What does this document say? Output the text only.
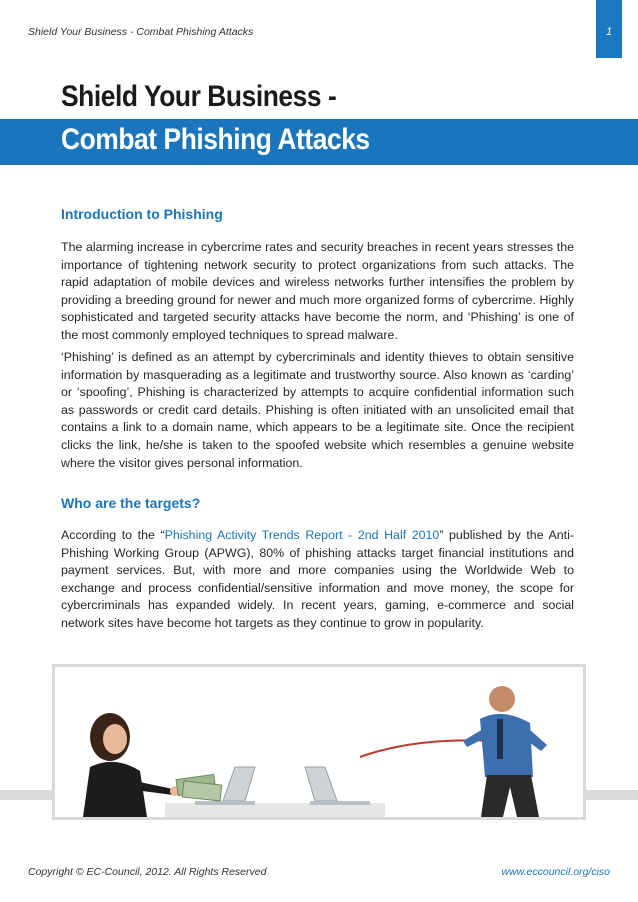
Shield Your Business - Combat Phishing Attacks	1
Shield Your Business -
Combat Phishing Attacks
Introduction to Phishing

The alarming increase in cybercrime rates and security breaches in recent years stresses the importance of tightening network security to protect organizations from such attacks. The rapid adaptation of mobile devices and wireless networks further intensifies the problem by providing a breeding ground for newer and much more organized forms of cybercrime. Highly sophisticated and targeted security attacks have become the norm, and ‘Phishing’ is one of the most commonly employed techniques to spread malware.

‘Phishing’ is defined as an attempt by cybercriminals and identity thieves to obtain sensitive information by masquerading as a legitimate and trustworthy source. Also known as ‘carding’ or ‘spoofing’, Phishing is characterized by attempts to acquire confidential information such as passwords or credit card details. Phishing is often initiated with an unsolicited email that contains a link to a domain name, which appears to be a legitimate site. Once the recipient clicks the link, he/she is taken to the spoofed website which resembles a genuine website where the visitor gives personal information.

Who are the targets?

According to the “Phishing Activity Trends Report - 2nd Half 2010” published by the Anti-Phishing Working Group (APWG), 80% of phishing attacks target financial institutions and payment services. But, with more and more companies using the Worldwide Web to exchange and process confidential/sensitive information and move money, the scope for cybercriminals has expanded widely. In recent years, gaming, e-commerce and social network sites have become hot targets as they continue to grow in popularity.

Copyright © EC-Council, 2012. All Rights Reserved	www.eccouncil.org/ciso
